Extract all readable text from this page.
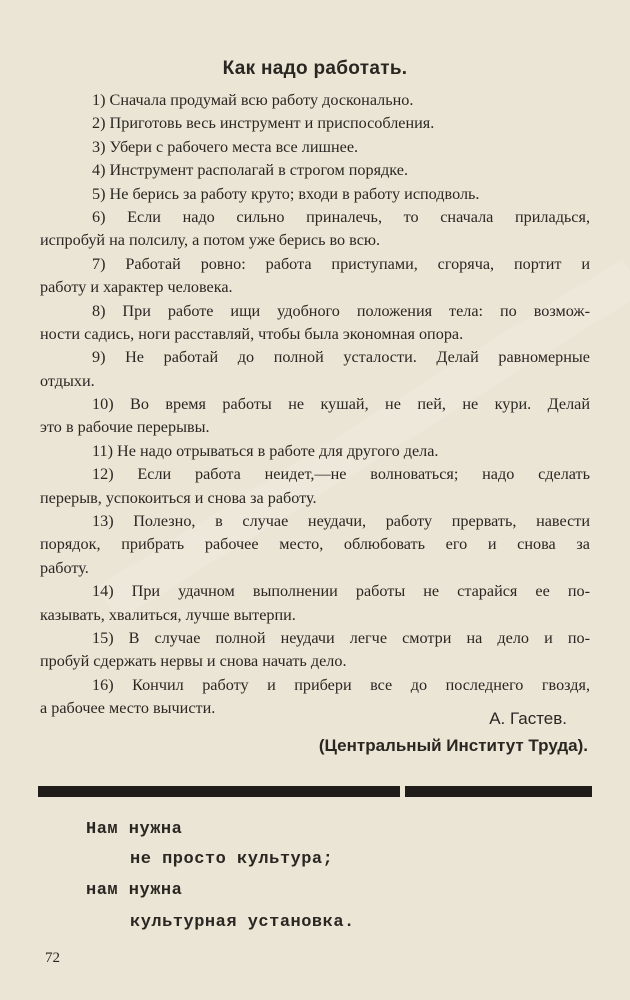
Как надо работать.
1) Сначала продумай всю работу досконально.
2) Приготовь весь инструмент и приспособления.
3) Убери с рабочего места все лишнее.
4) Инструмент располагай в строгом порядке.
5) Не берись за работу круто; входи в работу исподволь.
6) Если надо сильно приналечь, то сначала приладься,
испробуй на полсилу, а потом уже берись во всю.
7) Работай ровно: работа приступами, сгоряча, портит и
работу и характер человека.
8) При работе ищи удобного положения тела: по возмож-
ности садись, ноги расставляй, чтобы была экономная опора.
9) Не работай до полной усталости. Делай равномерные
отдыхи.
10) Во время работы не кушай, не пей, не кури. Делай
это в рабочие перерывы.
11) Не надо отрываться в работе для другого дела.
12) Если работа неидет,—не волноваться; надо сделать
перерыв, успокоиться и снова за работу.
13) Полезно, в случае неудачи, работу прервать, навести
порядок, прибрать рабочее место, облюбовать его и снова за
работу.
14) При удачном выполнении работы не старайся ее по-
казывать, хвалиться, лучше вытерпи.
15) В случае полной неудачи легче смотри на дело и по-
пробуй сдержать нервы и снова начать дело.
16) Кончил работу и прибери все до последнего гвоздя,
а рабочее место вычисти.
А. Гастев.
(Центральный Институт Труда).
Нам нужна
не просто культура;
нам нужна
культурная установка.
72
